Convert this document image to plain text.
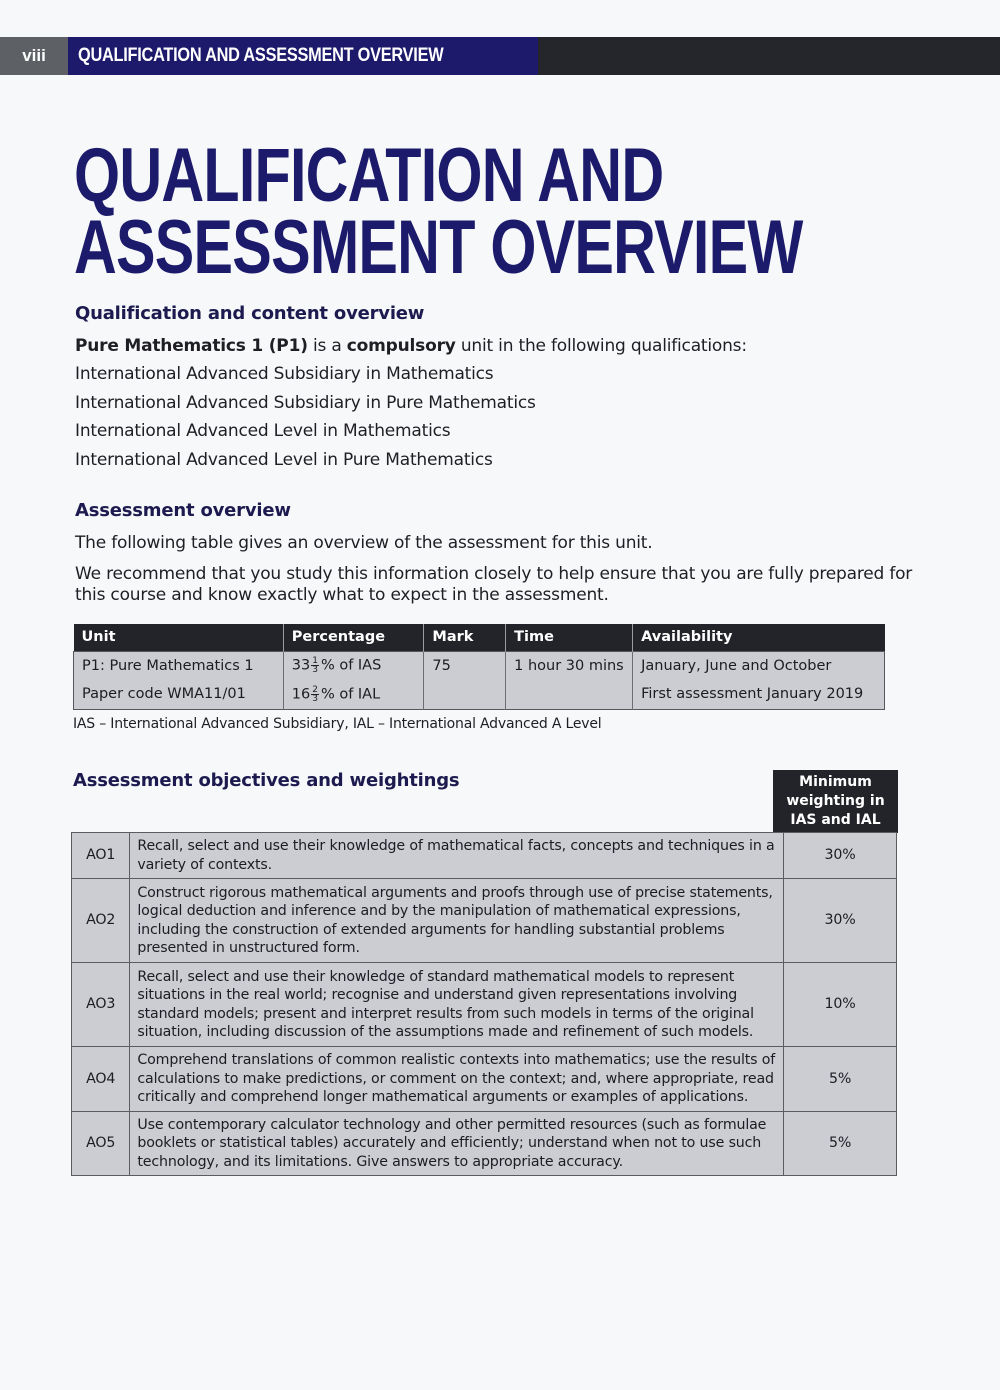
viii	QUALIFICATION AND ASSESSMENT OVERVIEW
QUALIFICATION AND
ASSESSMENT OVERVIEW
Qualification and content overview
Pure Mathematics 1 (P1) is a compulsory unit in the following qualifications:
International Advanced Subsidiary in Mathematics
International Advanced Subsidiary in Pure Mathematics
International Advanced Level in Mathematics
International Advanced Level in Pure Mathematics
Assessment overview
The following table gives an overview of the assessment for this unit.
We recommend that you study this information closely to help ensure that you are fully prepared for
this course and know exactly what to expect in the assessment.
Unit	Percentage	Mark	Time	Availability
P1: Pure Mathematics 1	$33 \frac{1}{3}$ % of IAS	75	1 hour 30 mins	January, June and October
Paper code WMA11/01	$16 \frac{2}{3}$ % of IAL			First assessment January 2019
IAS – International Advanced Subsidiary, IAL – International Advanced A Level
Assessment objectives and weightings	Minimum
weighting in
IAS and IAL
AO1	Recall, select and use their knowledge of mathematical facts, concepts and techniques in a
variety of contexts.	30%
AO2	Construct rigorous mathematical arguments and proofs through use of precise statements,
logical deduction and inference and by the manipulation of mathematical expressions,
including the construction of extended arguments for handling substantial problems
presented in unstructured form.	30%
AO3	Recall, select and use their knowledge of standard mathematical models to represent
situations in the real world; recognise and understand given representations involving
standard models; present and interpret results from such models in terms of the original
situation, including discussion of the assumptions made and refinement of such models.	10%
AO4	Comprehend translations of common realistic contexts into mathematics; use the results of
calculations to make predictions, or comment on the context; and, where appropriate, read
critically and comprehend longer mathematical arguments or examples of applications.	5%
AO5	Use contemporary calculator technology and other permitted resources (such as formulae
booklets or statistical tables) accurately and efficiently; understand when not to use such
technology, and its limitations. Give answers to appropriate accuracy.	5%
